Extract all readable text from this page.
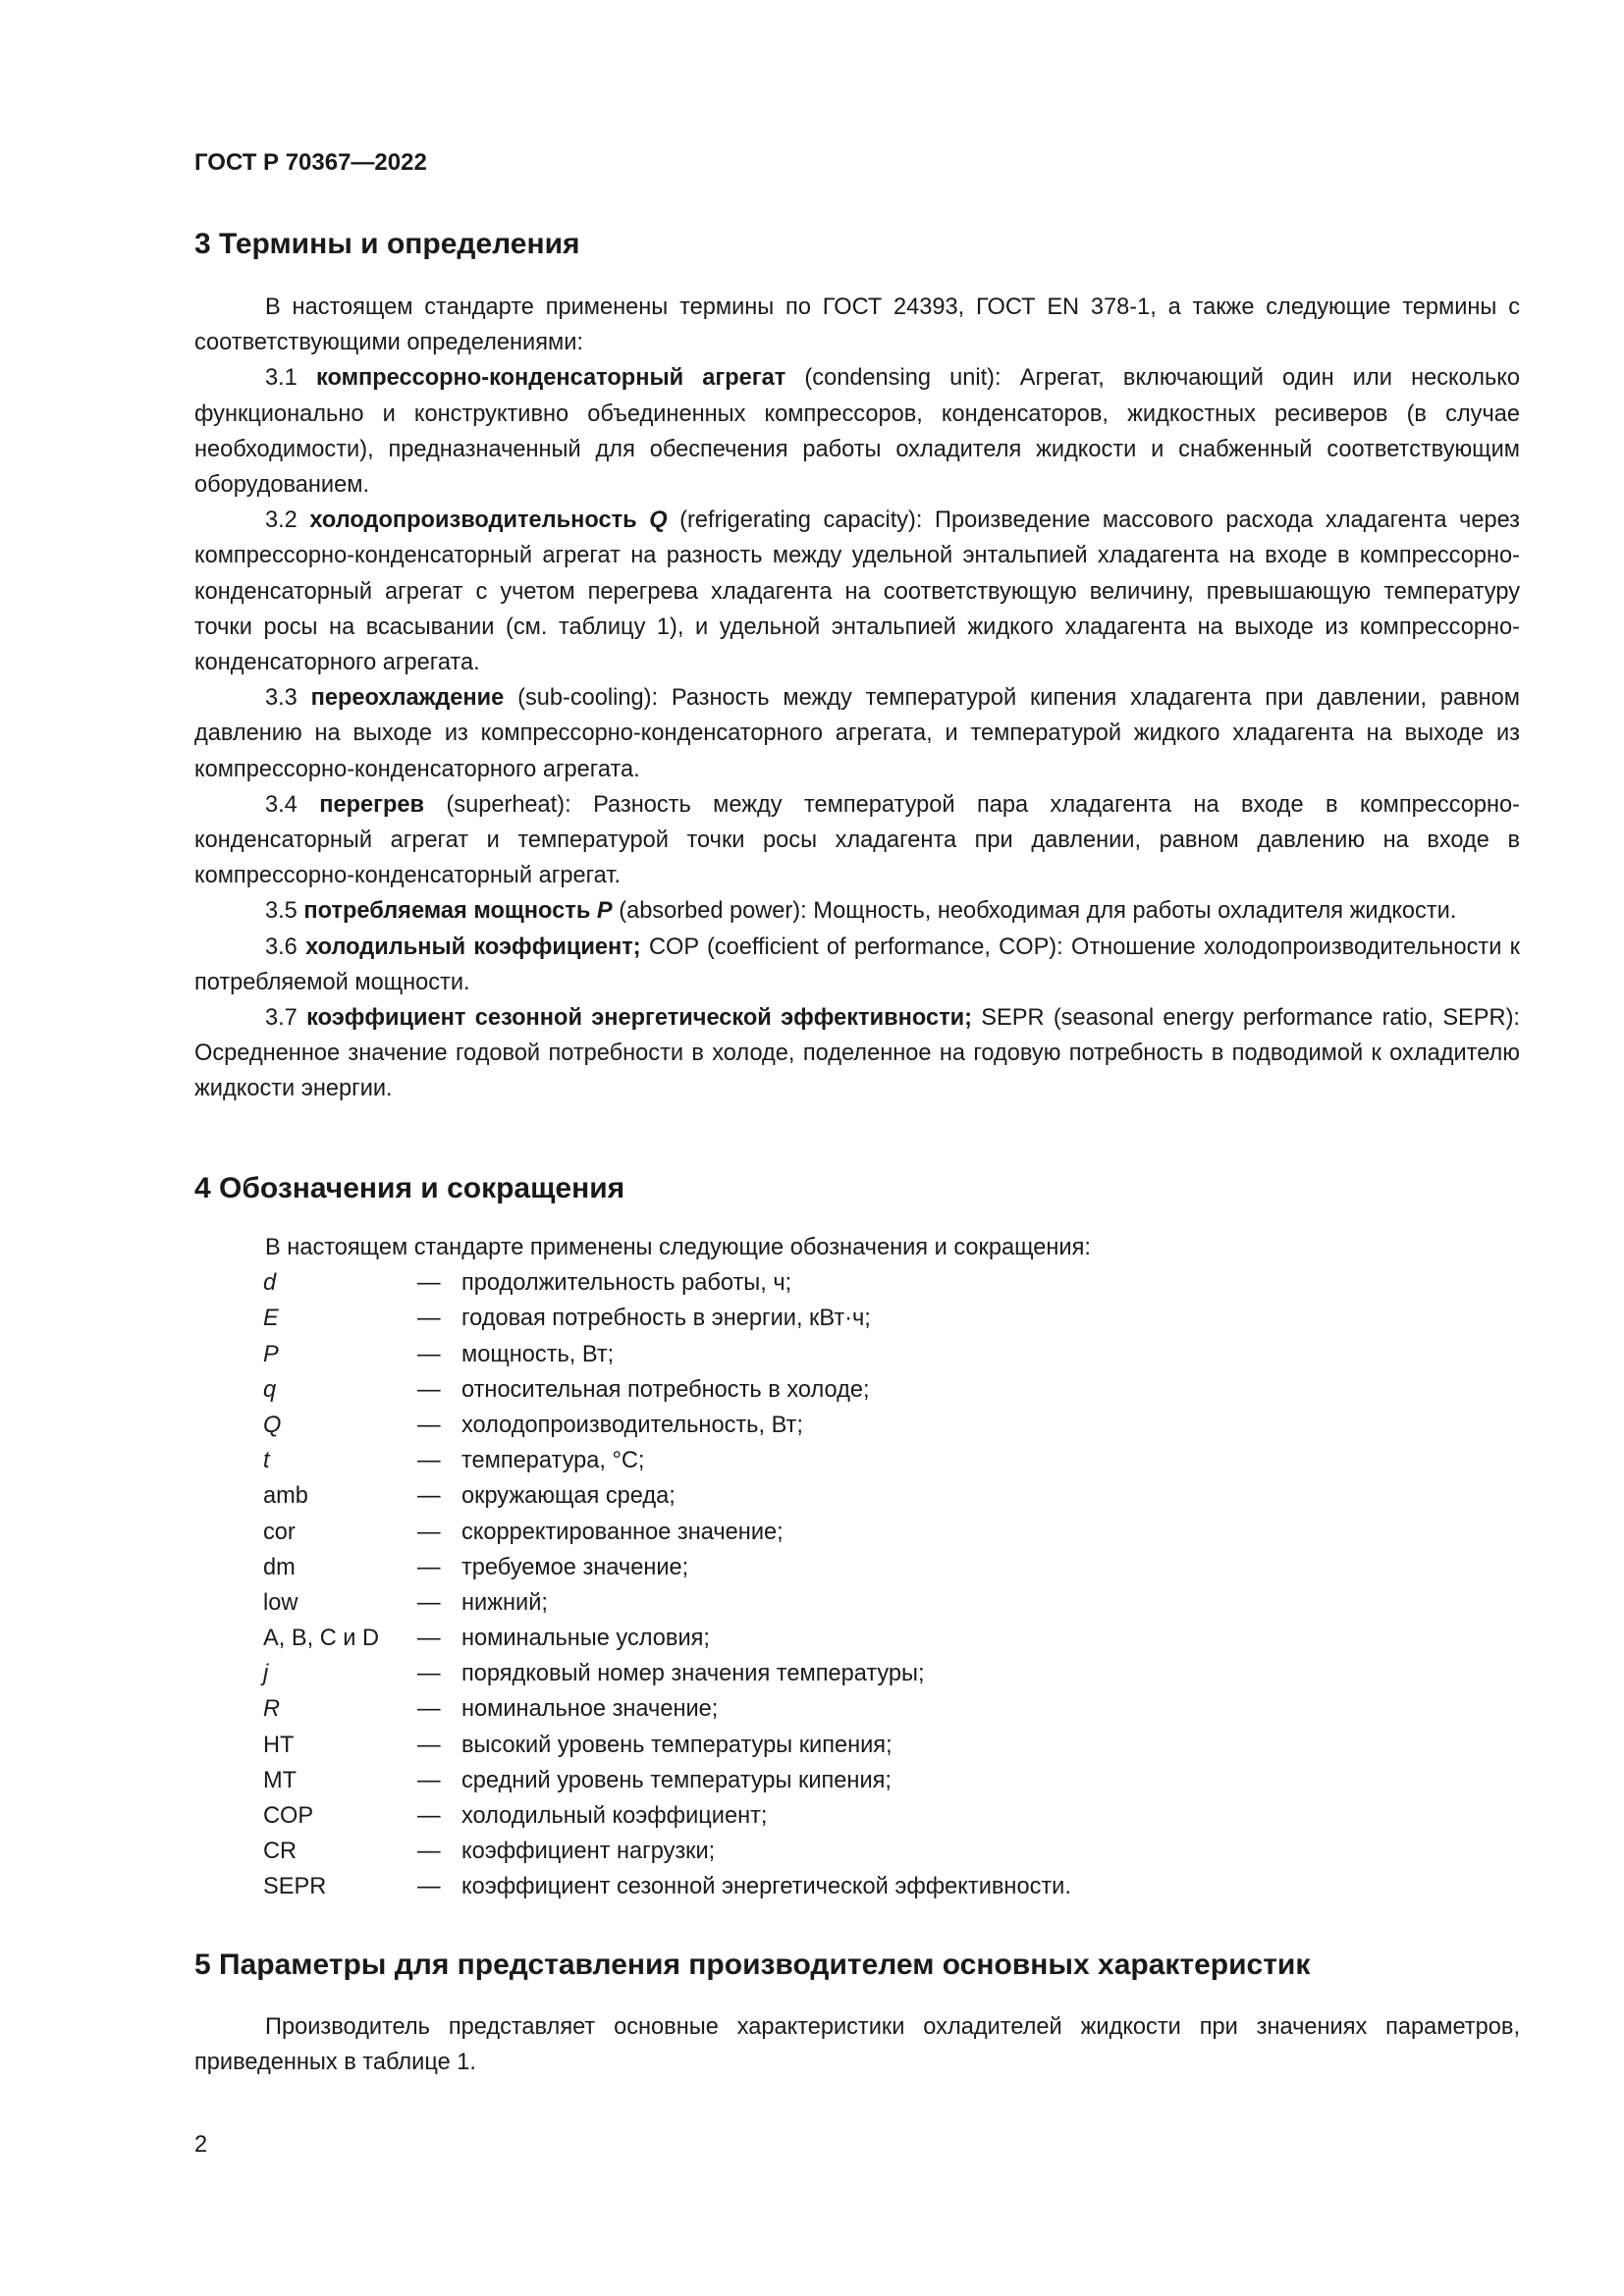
ГОСТ Р 70367—2022
3 Термины и определения

В настоящем стандарте применены термины по ГОСТ 24393, ГОСТ EN 378-1, а также следующие термины с соответствующими определениями:

3.1 компрессорно-конденсаторный агрегат (condensing unit): Агрегат, включающий один или несколько функционально и конструктивно объединенных компрессоров, конденсаторов, жидкостных ресиверов (в случае необходимости), предназначенный для обеспечения работы охладителя жидкости и снабженный соответствующим оборудованием.

3.2 холодопроизводительность Q (refrigerating capacity): Произведение массового расхода хладагента через компрессорно-конденсаторный агрегат на разность между удельной энтальпией хладагента на входе в компрессорно-конденсаторный агрегат с учетом перегрева хладагента на соответствующую величину, превышающую температуру точки росы на всасывании (см. таблицу 1), и удельной энтальпией жидкого хладагента на выходе из компрессорно-конденсаторного агрегата.

3.3 переохлаждение (sub-cooling): Разность между температурой кипения хладагента при давлении, равном давлению на выходе из компрессорно-конденсаторного агрегата, и температурой жидкого хладагента на выходе из компрессорно-конденсаторного агрегата.

3.4 перегрев (superheat): Разность между температурой пара хладагента на входе в компрессорно-конденсаторный агрегат и температурой точки росы хладагента при давлении, равном давлению на входе в компрессорно-конденсаторный агрегат.

3.5 потребляемая мощность P (absorbed power): Мощность, необходимая для работы охладителя жидкости.

3.6 холодильный коэффициент; COP (coefficient of performance, COP): Отношение холодопроизводительности к потребляемой мощности.

3.7 коэффициент сезонной энергетической эффективности; SEPR (seasonal energy performance ratio, SEPR): Осредненное значение годовой потребности в холоде, поделенное на годовую потребность в подводимой к охладителю жидкости энергии.

4 Обозначения и сокращения

В настоящем стандарте применены следующие обозначения и сокращения:

d	— продолжительность работы, ч;
E	— годовая потребность в энергии, кВт·ч;
P	— мощность, Вт;
q	— относительная потребность в холоде;
Q	— холодопроизводительность, Вт;
t	— температура, °С;
amb	— окружающая среда;
cor	— скорректированное значение;
dm	— требуемое значение;
low	— нижний;
A, B, C и D	— номинальные условия;
j	— порядковый номер значения температуры;
R	— номинальное значение;
HT	— высокий уровень температуры кипения;
MT	— средний уровень температуры кипения;
COP	— холодильный коэффициент;
CR	— коэффициент нагрузки;
SEPR	— коэффициент сезонной энергетической эффективности.
5 Параметры для представления производителем основных характеристик

Производитель представляет основные характеристики охладителей жидкости при значениях параметров, приведенных в таблице 1.

2
